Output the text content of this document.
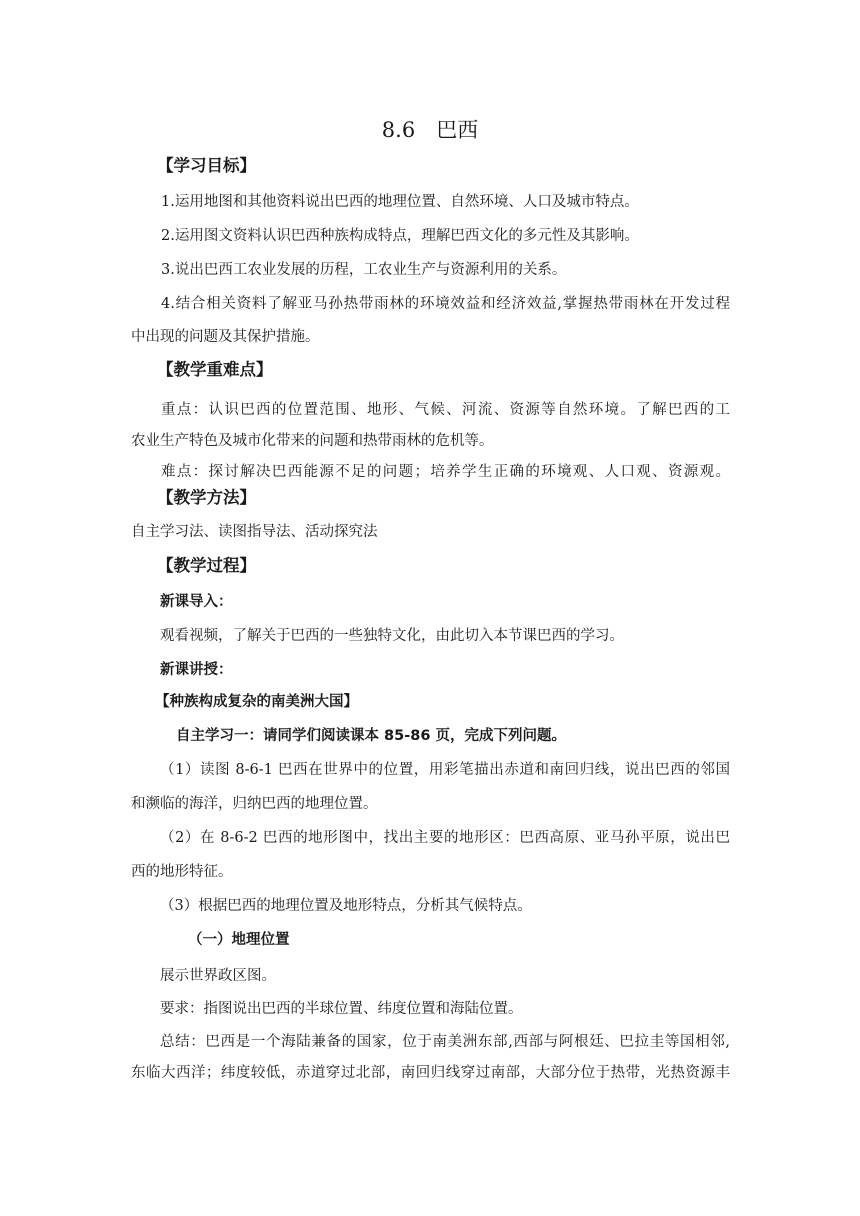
8.6　巴西
【学习目标】
1.运用地图和其他资料说出巴西的地理位置、自然环境、人口及城市特点。
2.运用图文资料认识巴西种族构成特点，理解巴西文化的多元性及其影响。
3.说出巴西工农业发展的历程，工农业生产与资源利用的关系。
4.结合相关资料了解亚马孙热带雨林的环境效益和经济效益,掌握热带雨林在开发过程
中出现的问题及其保护措施。
【教学重难点】
重点：认识巴西的位置范围、地形、气候、河流、资源等自然环境。了解巴西的工
农业生产特色及城市化带来的问题和热带雨林的危机等。
难点：探讨解决巴西能源不足的问题；培养学生正确的环境观、人口观、资源观。
【教学方法】
自主学习法、读图指导法、活动探究法
【教学过程】
新课导入：
观看视频，了解关于巴西的一些独特文化，由此切入本节课巴西的学习。
新课讲授：
【种族构成复杂的南美洲大国】
自主学习一：请同学们阅读课本 85-86 页，完成下列问题。
（1）读图 8-6-1 巴西在世界中的位置，用彩笔描出赤道和南回归线，说出巴西的邻国
和濒临的海洋，归纳巴西的地理位置。
（2）在 8-6-2 巴西的地形图中，找出主要的地形区：巴西高原、亚马孙平原，说出巴
西的地形特征。
（3）根据巴西的地理位置及地形特点，分析其气候特点。
（一）地理位置
展示世界政区图。
要求：指图说出巴西的半球位置、纬度位置和海陆位置。
总结：巴西是一个海陆兼备的国家，位于南美洲东部,西部与阿根廷、巴拉圭等国相邻,
东临大西洋；纬度较低，赤道穿过北部，南回归线穿过南部，大部分位于热带，光热资源丰
